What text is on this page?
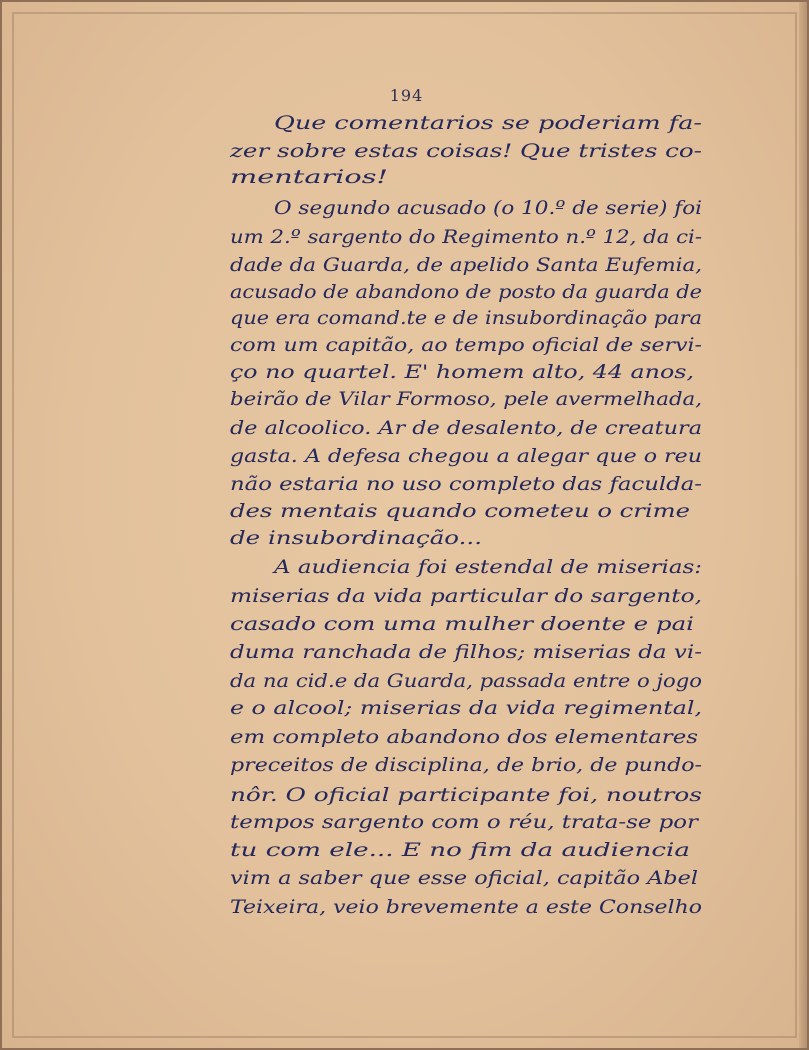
194
Que comentarios se poderiam fa-
zer sobre estas coisas! Que tristes co-
mentarios!
O segundo acusado (o 10.º de serie) foi
um 2.º sargento do Regimento n.º 12, da ci-
dade da Guarda, de apelido Santa Eufemia,
acusado de abandono de posto da guarda de
que era comand.te e de insubordinação para
com um capitão, ao tempo oficial de servi-
ço no quartel. E' homem alto, 44 anos,
beirão de Vilar Formoso, pele avermelhada,
de alcoolico. Ar de desalento, de creatura
gasta. A defesa chegou a alegar que o reu
não estaria no uso completo das faculda-
des mentais quando cometeu o crime
de insubordinação...
A audiencia foi estendal de miserias:
miserias da vida particular do sargento,
casado com uma mulher doente e pai
duma ranchada de filhos; miserias da vi-
da na cid.e da Guarda, passada entre o jogo
e o alcool; miserias da vida regimental,
em completo abandono dos elementares
preceitos de disciplina, de brio, de pundo-
nôr. O oficial participante foi, noutros
tempos sargento com o réu, trata-se por
tu com ele... E no fim da audiencia
vim a saber que esse oficial, capitão Abel
Teixeira, veio brevemente a este Conselho
